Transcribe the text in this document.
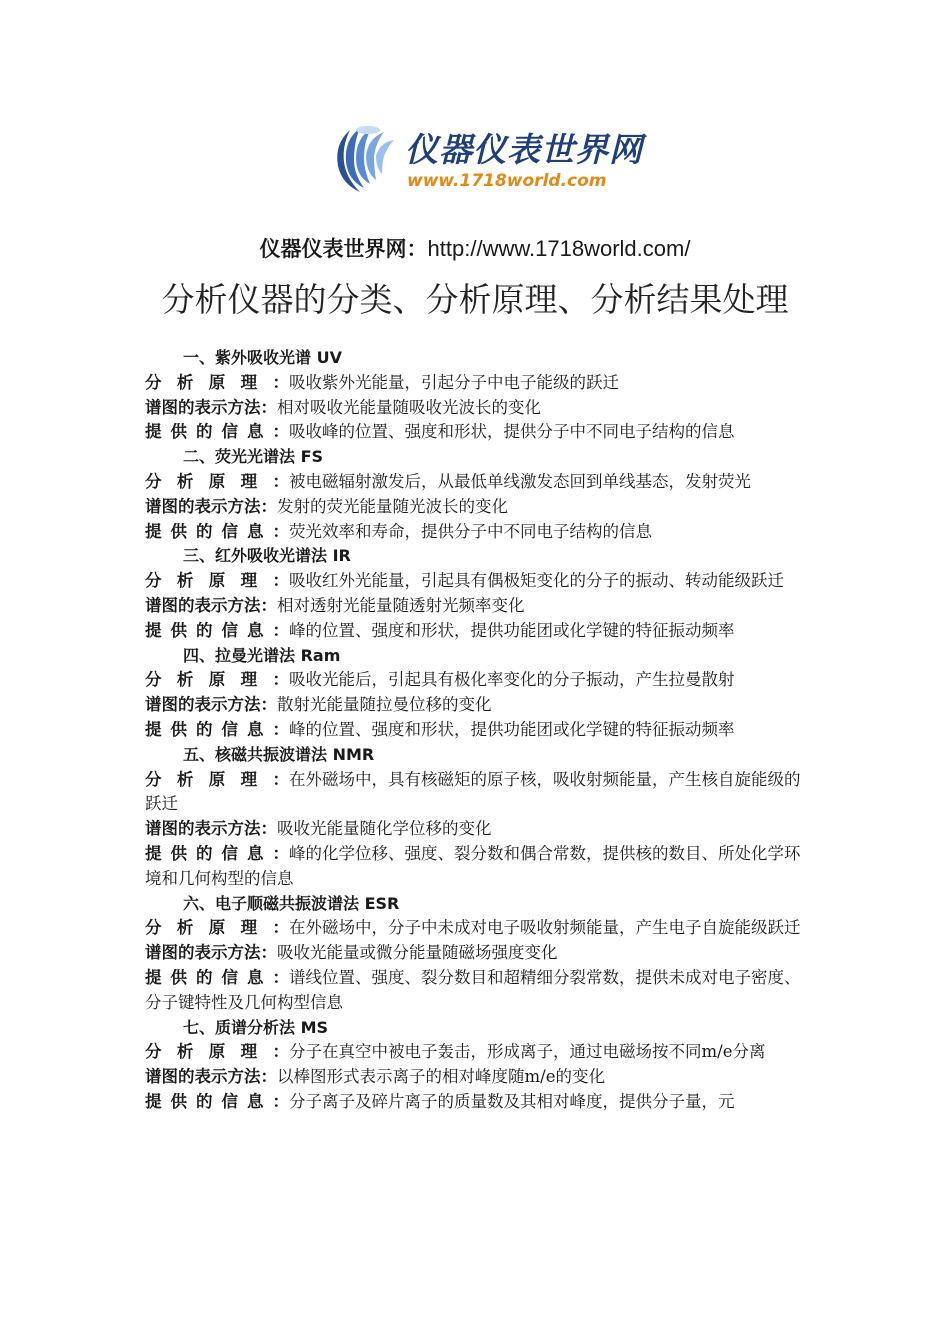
仪器仪表世界网
www.1718world.com
仪器仪表世界网：http://www.1718world.com/
分析仪器的分类、分析原理、分析结果处理
一、紫外吸收光谱 UV
分析原理：吸收紫外光能量，引起分子中电子能级的跃迁
谱图的表示方法：相对吸收光能量随吸收光波长的变化
提供的信息：吸收峰的位置、强度和形状，提供分子中不同电子结构的信息
二、荧光光谱法 FS
分析原理：被电磁辐射激发后，从最低单线激发态回到单线基态，发射荧光
谱图的表示方法：发射的荧光能量随光波长的变化
提供的信息：荧光效率和寿命，提供分子中不同电子结构的信息
三、红外吸收光谱法 IR
分析原理：吸收红外光能量，引起具有偶极矩变化的分子的振动、转动能级跃迁
谱图的表示方法：相对透射光能量随透射光频率变化
提供的信息：峰的位置、强度和形状，提供功能团或化学键的特征振动频率
四、拉曼光谱法 Ram
分析原理：吸收光能后，引起具有极化率变化的分子振动，产生拉曼散射
谱图的表示方法：散射光能量随拉曼位移的变化
提供的信息：峰的位置、强度和形状，提供功能团或化学键的特征振动频率
五、核磁共振波谱法 NMR
分析原理：在外磁场中，具有核磁矩的原子核，吸收射频能量，产生核自旋能级的跃迁
谱图的表示方法：吸收光能量随化学位移的变化
提供的信息：峰的化学位移、强度、裂分数和偶合常数，提供核的数目、所处化学环境和几何构型的信息
六、电子顺磁共振波谱法 ESR
分析原理：在外磁场中，分子中未成对电子吸收射频能量，产生电子自旋能级跃迁
谱图的表示方法：吸收光能量或微分能量随磁场强度变化
提供的信息：谱线位置、强度、裂分数目和超精细分裂常数，提供未成对电子密度、分子键特性及几何构型信息
七、质谱分析法 MS
分析原理：分子在真空中被电子轰击，形成离子，通过电磁场按不同m/e分离
谱图的表示方法：以棒图形式表示离子的相对峰度随m/e的变化
提供的信息：分子离子及碎片离子的质量数及其相对峰度，提供分子量，元
